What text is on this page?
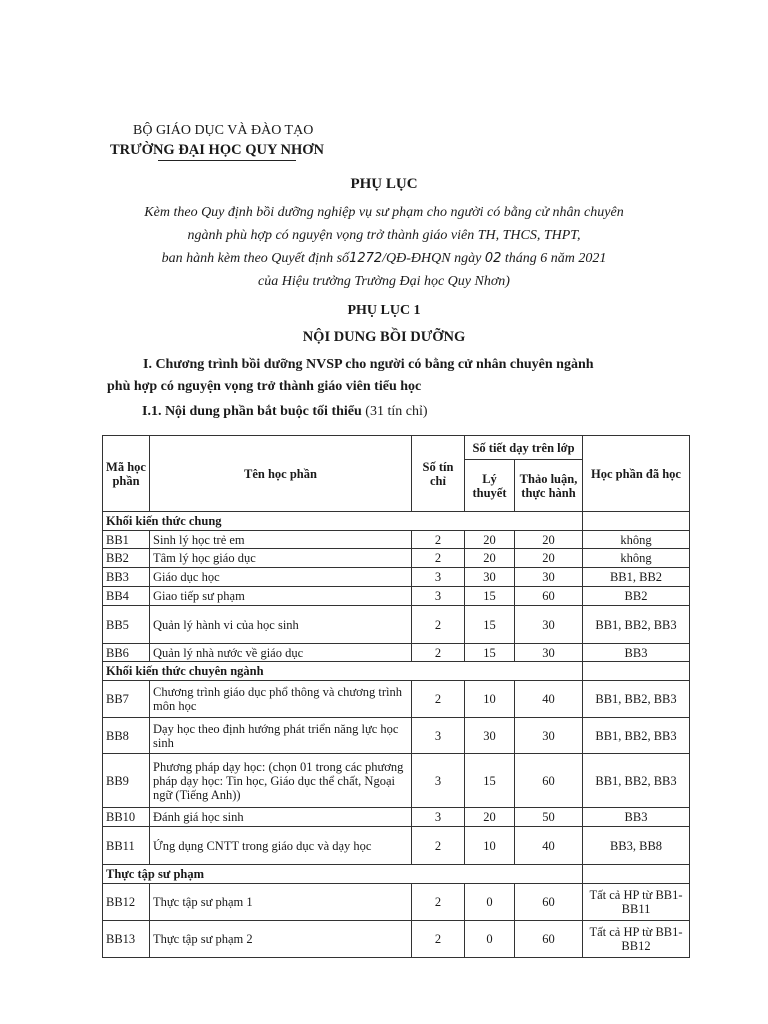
BỘ GIÁO DỤC VÀ ĐÀO TẠO
TRƯỜNG ĐẠI HỌC QUY NHƠN
PHỤ LỤC
Kèm theo Quy định bồi dưỡng nghiệp vụ sư phạm cho người có bằng cử nhân chuyên
ngành phù hợp có nguyện vọng trở thành giáo viên TH, THCS, THPT,
ban hành kèm theo Quyết định số1272/QĐ-ĐHQN ngày 02 tháng 6 năm 2021
của Hiệu trưởng Trường Đại học Quy Nhơn)
PHỤ LỤC 1
NỘI DUNG BỒI DƯỠNG
I. Chương trình bồi dưỡng NVSP cho người có bằng cử nhân chuyên ngành
phù hợp có nguyện vọng trở thành giáo viên tiểu học
I.1. Nội dung phần bắt buộc tối thiểu (31 tín chỉ)
Mã học phần	Tên học phần	Số tín chỉ	Số tiết dạy trên lớp		Học phần đã học
			Lý thuyết	Thảo luận, thực hành	
Khối kiến thức chung					
BB1	Sinh lý học trẻ em	2	20	20	không
BB2	Tâm lý học giáo dục	2	20	20	không
BB3	Giáo dục học	3	30	30	BB1, BB2
BB4	Giao tiếp sư phạm	3	15	60	BB2
BB5	Quản lý hành vi của học sinh	2	15	30	BB1, BB2, BB3
BB6	Quản lý nhà nước về giáo dục	2	15	30	BB3
Khối kiến thức chuyên ngành					
BB7	Chương trình giáo dục phổ thông và chương trình môn học	2	10	40	BB1, BB2, BB3
BB8	Dạy học theo định hướng phát triển năng lực học sinh	3	30	30	BB1, BB2, BB3
BB9	Phương pháp dạy học: (chọn 01 trong các phương pháp dạy học: Tin học, Giáo dục thể chất, Ngoại ngữ (Tiếng Anh))	3	15	60	BB1, BB2, BB3
BB10	Đánh giá học sinh	3	20	50	BB3
BB11	Ứng dụng CNTT trong giáo dục và dạy học	2	10	40	BB3, BB8
Thực tập sư phạm					
BB12	Thực tập sư phạm 1	2	0	60	Tất cả HP từ BB1-BB11
BB13	Thực tập sư phạm 2	2	0	60	Tất cả HP từ BB1-BB12
